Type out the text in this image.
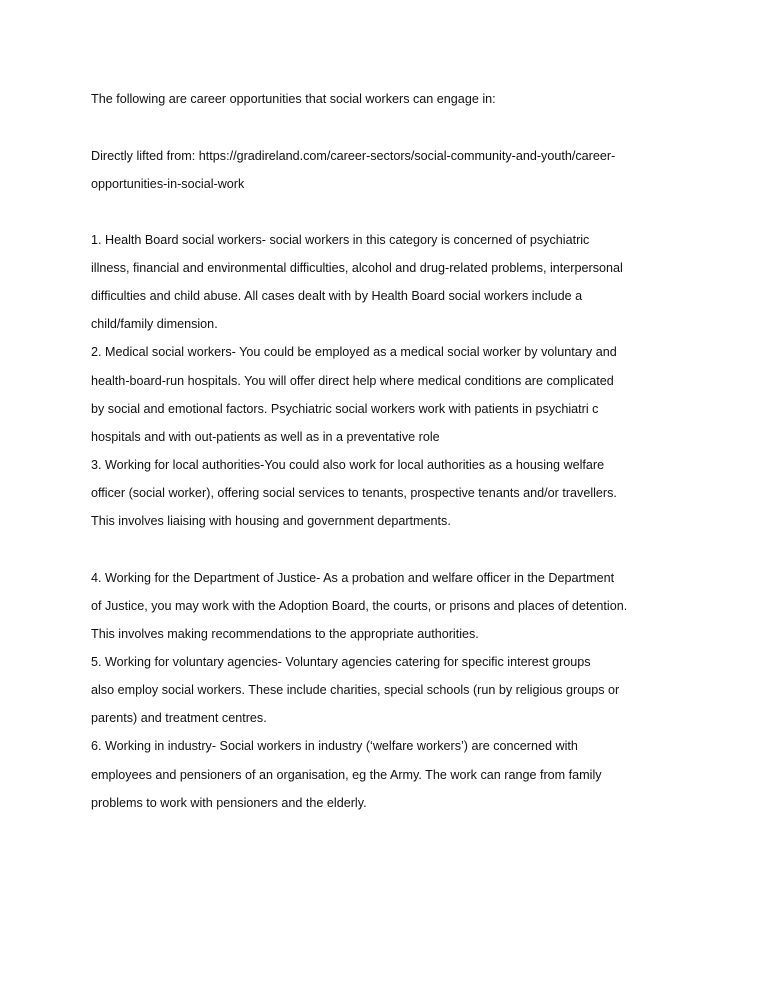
The following are career opportunities that social workers can engage in:
Directly lifted from: https://gradireland.com/career-sectors/social-community-and-youth/career-
opportunities-in-social-work
1. Health Board social workers- social workers in this category is concerned of psychiatric
illness, financial and environmental difficulties, alcohol and drug-related problems, interpersonal
difficulties and child abuse. All cases dealt with by Health Board social workers include a
child/family dimension.
2. Medical social workers- You could be employed as a medical social worker by voluntary and
health-board-run hospitals. You will offer direct help where medical conditions are complicated
by social and emotional factors. Psychiatric social workers work with patients in psychiatri c
hospitals and with out-patients as well as in a preventative role
3. Working for local authorities-You could also work for local authorities as a housing welfare
officer (social worker), offering social services to tenants, prospective tenants and/or travellers.
This involves liaising with housing and government departments.
4. Working for the Department of Justice- As a probation and welfare officer in the Department
of Justice, you may work with the Adoption Board, the courts, or prisons and places of detention.
This involves making recommendations to the appropriate authorities.
5. Working for voluntary agencies- Voluntary agencies catering for specific interest groups
also employ social workers. These include charities, special schools (run by religious groups or
parents) and treatment centres.
6. Working in industry- Social workers in industry (‘welfare workers’) are concerned with
employees and pensioners of an organisation, eg the Army. The work can range from family
problems to work with pensioners and the elderly.
